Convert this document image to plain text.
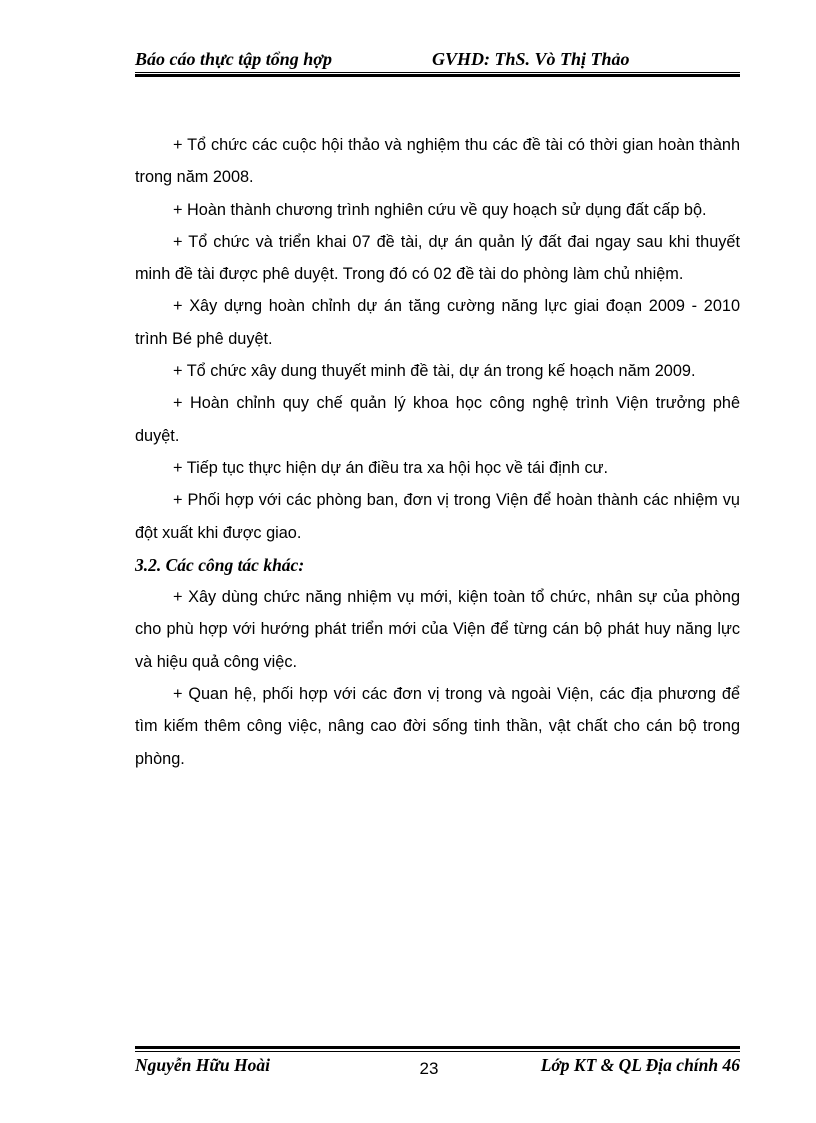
Báo cáo thực tập tổng hợp	GVHD: ThS. Vò Thị Thảo

+ Tổ chức các cuộc hội thảo và nghiệm thu các đề tài có thời gian hoàn thành trong năm 2008.

+ Hoàn thành chương trình nghiên cứu về quy hoạch sử dụng đất cấp bộ.

+ Tổ chức và triển khai 07 đề tài, dự án quản lý đất đai ngay sau khi thuyết minh đề tài được phê duyệt. Trong đó có 02 đề tài do phòng làm chủ nhiệm.

+ Xây dựng hoàn chỉnh dự án tăng cường năng lực giai đoạn 2009 - 2010 trình Bé phê duyệt.

+ Tổ chức xây dung thuyết minh đề tài, dự án trong kế hoạch năm 2009.

+ Hoàn chỉnh quy chế quản lý khoa học công nghệ trình Viện trưởng phê duyệt.

+ Tiếp tục thực hiện dự án điều tra xa hội học về tái định cư.

+ Phối hợp với các phòng ban, đơn vị trong Viện để hoàn thành các nhiệm vụ đột xuất khi được giao.

3.2. Các công tác khác:

+ Xây dùng chức năng nhiệm vụ mới, kiện toàn tổ chức, nhân sự của phòng cho phù hợp với hướng phát triển mới của Viện để từng cán bộ phát huy năng lực và hiệu quả công việc.

+ Quan hệ, phối hợp với các đơn vị trong và ngoài Viện, các địa phương để tìm kiếm thêm công việc, nâng cao đời sống tinh thần, vật chất cho cán bộ trong phòng.

Nguyễn Hữu Hoài	23	Lớp KT & QL Địa chính 46
